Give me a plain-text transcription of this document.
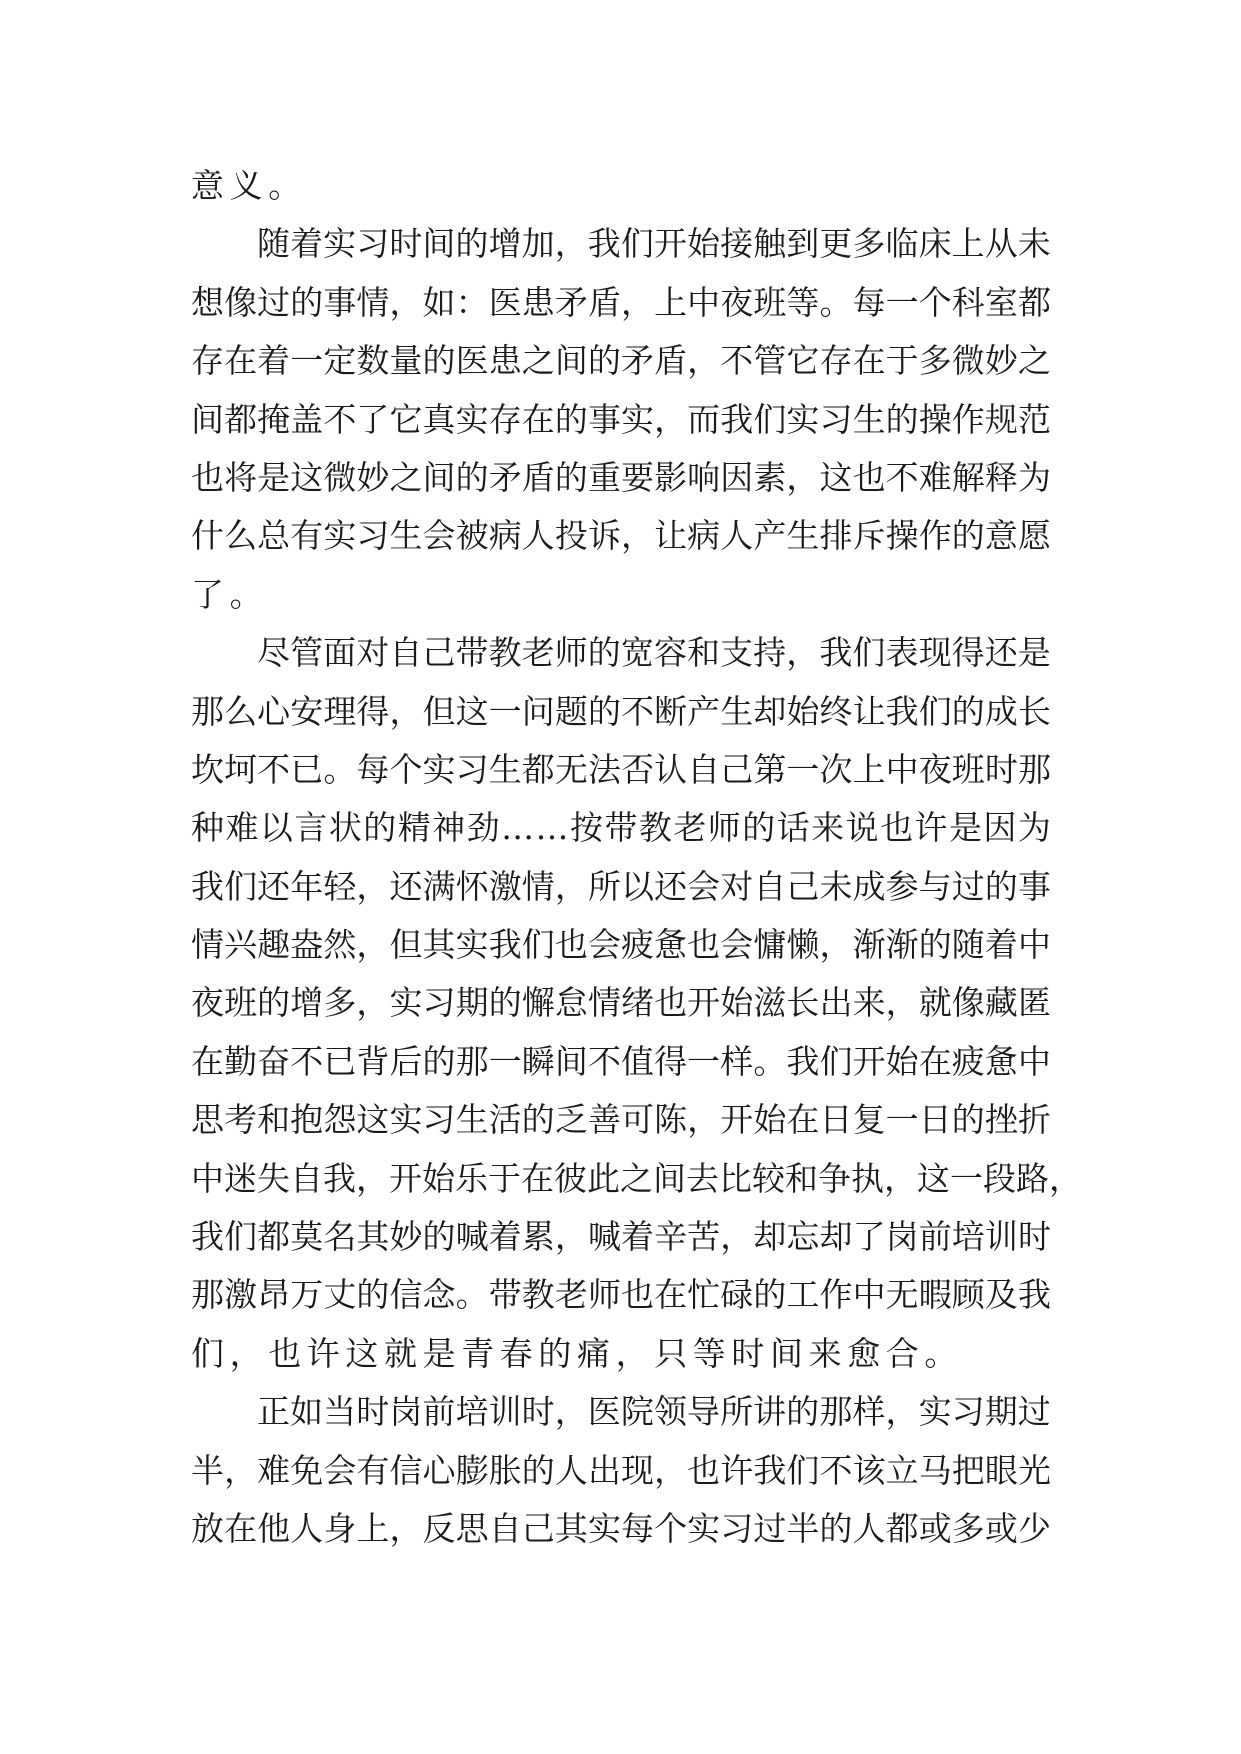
意义。
随 着 实 习 时 间 的 增 加 ， 我 们 开 始 接 触 到 更 多 临 床 上 从 未
想 像 过 的 事 情 ， 如 ： 医 患 矛 盾 ， 上 中 夜 班 等 。 每 一 个 科 室 都
存 在 着 一 定 数 量 的 医 患 之 间 的 矛 盾 ， 不 管 它 存 在 于 多 微 妙 之
间 都 掩 盖 不 了 它 真 实 存 在 的 事 实 ， 而 我 们 实 习 生 的 操 作 规 范
也 将 是 这 微 妙 之 间 的 矛 盾 的 重 要 影 响 因 素 ， 这 也 不 难 解 释 为
什 么 总 有 实 习 生 会 被 病 人 投 诉 ， 让 病 人 产 生 排 斥 操 作 的 意 愿
了。
尽 管 面 对 自 己 带 教 老 师 的 宽 容 和 支 持 ， 我 们 表 现 得 还 是
那 么 心 安 理 得 ， 但 这 一 问 题 的 不 断 产 生 却 始 终 让 我 们 的 成 长
坎 坷 不 已 。 每 个 实 习 生 都 无 法 否 认 自 己 第 一 次 上 中 夜 班 时 那
种 难 以 言 状 的 精 神 劲 … … 按 带 教 老 师 的 话 来 说 也 许 是 因 为
我 们 还 年 轻 ， 还 满 怀 激 情 ， 所 以 还 会 对 自 己 未 成 参 与 过 的 事
情 兴 趣 盎 然 ， 但 其 实 我 们 也 会 疲 惫 也 会 慵 懒 ， 渐 渐 的 随 着 中
夜 班 的 增 多 ， 实 习 期 的 懈 怠 情 绪 也 开 始 滋 长 出 来 ， 就 像 藏 匿
在 勤 奋 不 已 背 后 的 那 一 瞬 间 不 值 得 一 样 。 我 们 开 始 在 疲 惫 中
思 考 和 抱 怨 这 实 习 生 活 的 乏 善 可 陈 ， 开 始 在 日 复 一 日 的 挫 折
中 迷 失 自 我 ， 开 始 乐 于 在 彼 此 之 间 去 比 较 和 争 执 ， 这 一 段 路 ，
我 们 都 莫 名 其 妙 的 喊 着 累 ， 喊 着 辛 苦 ， 却 忘 却 了 岗 前 培 训 时
那 激 昂 万 丈 的 信 念 。 带 教 老 师 也 在 忙 碌 的 工 作 中 无 暇 顾 及 我
们，也许这就是青春的痛，只等时间来愈合。
正 如 当 时 岗 前 培 训 时 ， 医 院 领 导 所 讲 的 那 样 ， 实 习 期 过
半 ， 难 免 会 有 信 心 膨 胀 的 人 出 现 ， 也 许 我 们 不 该 立 马 把 眼 光
放 在 他 人 身 上 ， 反 思 自 己 其 实 每 个 实 习 过 半 的 人 都 或 多 或 少
